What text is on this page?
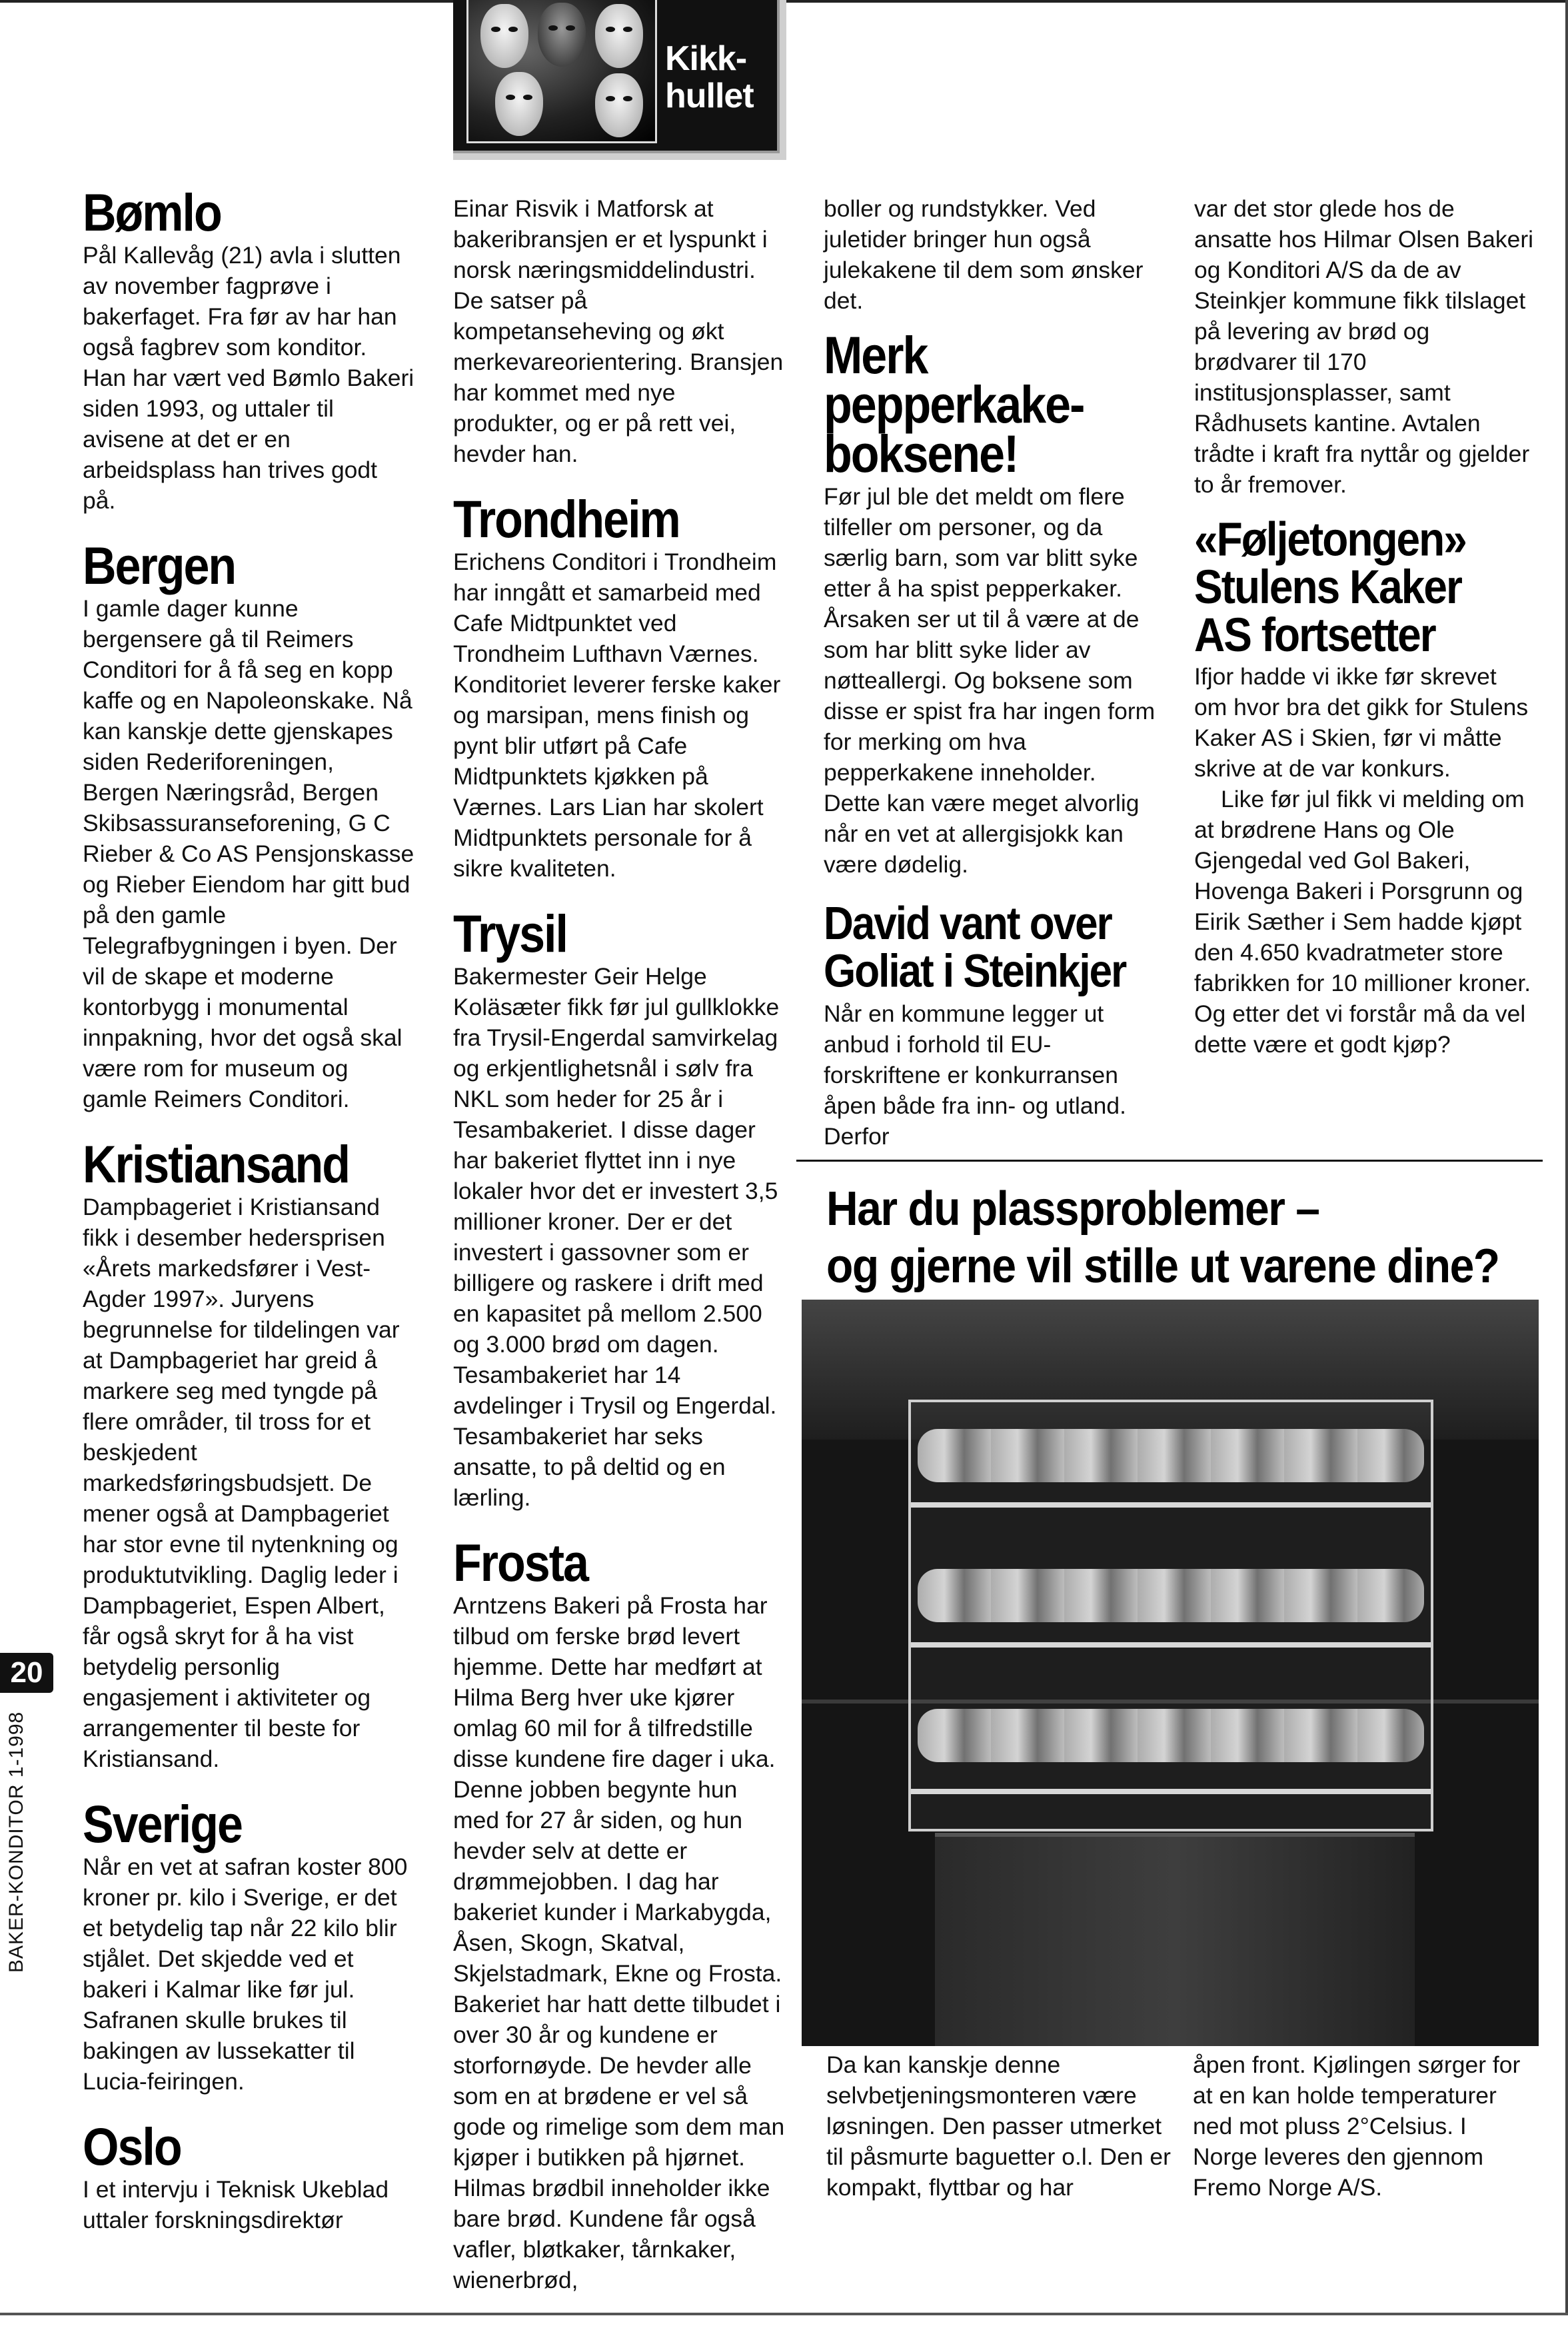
Kikk-
hullet
20
BAKER-KONDITOR 1-1998
Bømlo

Pål Kallevåg (21) avla i slutten av november fagprøve i bakerfaget. Fra før av har han også fagbrev som konditor. Han har vært ved Bømlo Bakeri siden 1993, og uttaler til avisene at det er en arbeidsplass han trives godt på.

Bergen

I gamle dager kunne bergensere gå til Reimers Conditori for å få seg en kopp kaffe og en Napoleonskake. Nå kan kanskje dette gjenskapes siden Rederiforeningen, Bergen Næringsråd, Bergen Skibsassuranseforening, G C Rieber & Co AS Pensjonskasse og Rieber Eiendom har gitt bud på den gamle Telegrafbygningen i byen. Der vil de skape et moderne kontorbygg i monumental innpakning, hvor det også skal være rom for museum og gamle Reimers Conditori.

Kristiansand

Dampbageriet i Kristiansand fikk i desember hedersprisen «Årets markedsfører i Vest-Agder 1997». Juryens begrunnelse for tildelingen var at Dampbageriet har greid å markere seg med tyngde på flere områder, til tross for et beskjedent markedsføringsbudsjett. De mener også at Dampbageriet har stor evne til nytenkning og produktutvikling. Daglig leder i Dampbageriet, Espen Albert, får også skryt for å ha vist betydelig personlig engasjement i aktiviteter og arrangementer til beste for Kristiansand.

Sverige

Når en vet at safran koster 800 kroner pr. kilo i Sverige, er det et betydelig tap når 22 kilo blir stjålet. Det skjedde ved et bakeri i Kalmar like før jul. Safranen skulle brukes til bakingen av lussekatter til Lucia-feiringen.

Oslo

I et intervju i Teknisk Ukeblad uttaler forskningsdirektør

Einar Risvik i Matforsk at bakeribransjen er et lyspunkt i norsk næringsmiddelindustri. De satser på kompetanseheving og økt merkevareorientering. Bransjen har kommet med nye produkter, og er på rett vei, hevder han.

Trondheim

Erichens Conditori i Trondheim har inngått et samarbeid med Cafe Midtpunktet ved Trondheim Lufthavn Værnes. Konditoriet leverer ferske kaker og marsipan, mens finish og pynt blir utført på Cafe Midtpunktets kjøkken på Værnes. Lars Lian har skolert Midtpunktets personale for å sikre kvaliteten.

Trysil

Bakermester Geir Helge Koläsæter fikk før jul gullklokke fra Trysil-Engerdal samvirkelag og erkjentlighetsnål i sølv fra NKL som heder for 25 år i Tesambakeriet. I disse dager har bakeriet flyttet inn i nye lokaler hvor det er investert 3,5 millioner kroner. Der er det investert i gassovner som er billigere og raskere i drift med en kapasitet på mellom 2.500 og 3.000 brød om dagen. Tesambakeriet har 14 avdelinger i Trysil og Engerdal. Tesambakeriet har seks ansatte, to på deltid og en lærling.

Frosta

Arntzens Bakeri på Frosta har tilbud om ferske brød levert hjemme. Dette har medført at Hilma Berg hver uke kjører omlag 60 mil for å tilfredstille disse kundene fire dager i uka. Denne jobben begynte hun med for 27 år siden, og hun hevder selv at dette er drømmejobben. I dag har bakeriet kunder i Markabygda, Åsen, Skogn, Skatval, Skjelstadmark, Ekne og Frosta. Bakeriet har hatt dette tilbudet i over 30 år og kundene er storfornøyde. De hevder alle som en at brødene er vel så gode og rimelige som dem man kjøper i butikken på hjørnet. Hilmas brødbil inneholder ikke bare brød. Kundene får også vafler, bløtkaker, tårnkaker, wienerbrød,

boller og rundstykker. Ved juletider bringer hun også julekakene til dem som ønsker det.

Merk
pepperkake-
boksene!

Før jul ble det meldt om flere tilfeller om personer, og da særlig barn, som var blitt syke etter å ha spist pepperkaker. Årsaken ser ut til å være at de som har blitt syke lider av nøtteallergi. Og boksene som disse er spist fra har ingen form for merking om hva pepperkakene inneholder. Dette kan være meget alvorlig når en vet at allergisjokk kan være dødelig.

David vant over
Goliat i Steinkjer

Når en kommune legger ut anbud i forhold til EU-forskriftene er konkurransen åpen både fra inn- og utland. Derfor

var det stor glede hos de ansatte hos Hilmar Olsen Bakeri og Konditori A/S da de av Steinkjer kommune fikk tilslaget på levering av brød og brødvarer til 170 institusjonsplasser, samt Rådhusets kantine. Avtalen trådte i kraft fra nyttår og gjelder to år fremover.

«Føljetongen»
Stulens Kaker
AS fortsetter

Ifjor hadde vi ikke før skrevet om hvor bra det gikk for Stulens Kaker AS i Skien, før vi måtte skrive at de var konkurs.

Like før jul fikk vi melding om at brødrene Hans og Ole Gjengedal ved Gol Bakeri, Hovenga Bakeri i Porsgrunn og Eirik Sæther i Sem hadde kjøpt den 4.650 kvadratmeter store fabrikken for 10 millioner kroner. Og etter det vi forstår må da vel dette være et godt kjøp?

Har du plassproblemer –
og gjerne vil stille ut varene dine?

Da kan kanskje denne selvbetjeningsmonteren være løsningen. Den passer utmerket til påsmurte baguetter o.l. Den er kompakt, flyttbar og har

åpen front. Kjølingen sørger for at en kan holde temperaturer ned mot pluss 2°Celsius. I Norge leveres den gjennom Fremo Norge A/S.
